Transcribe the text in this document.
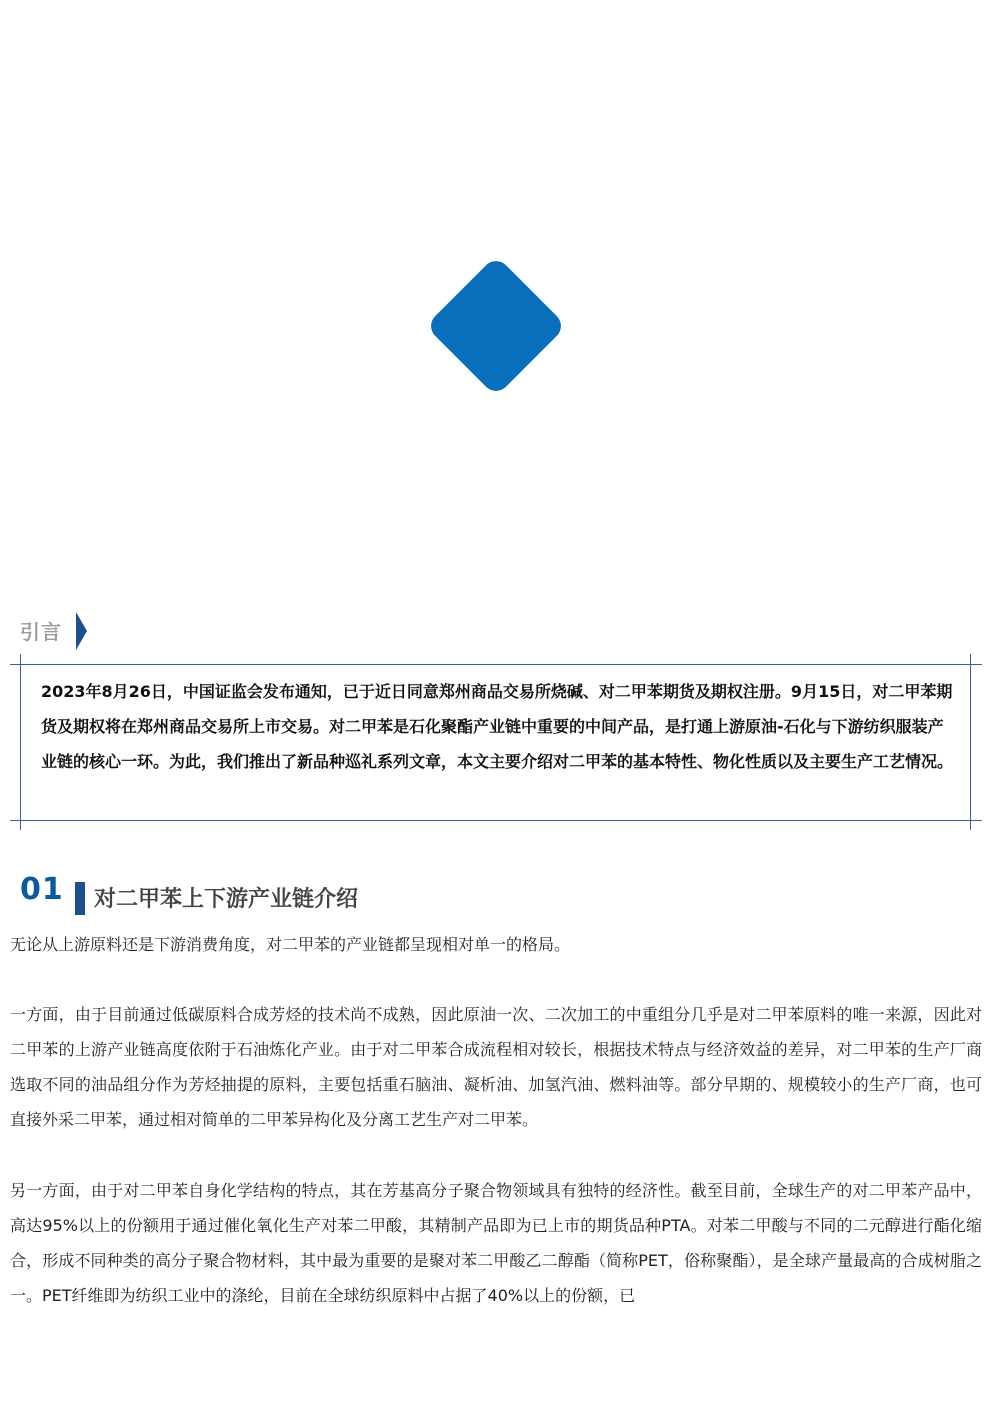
引言

2023年8月26日，中国证监会发布通知，已于近日同意郑州商品交易所烧碱、对二甲苯期货及期权注册。9月15日，对二甲苯期货及期权将在郑州商品交易所上市交易。对二甲苯是石化聚酯产业链中重要的中间产品，是打通上游原油-石化与下游纺织服装产业链的核心一环。为此，我们推出了新品种巡礼系列文章，本文主要介绍对二甲苯的基本特性、物化性质以及主要生产工艺情况。

01 对二甲苯上下游产业链介绍

无论从上游原料还是下游消费角度，对二甲苯的产业链都呈现相对单一的格局。

一方面，由于目前通过低碳原料合成芳烃的技术尚不成熟，因此原油一次、二次加工的中重组分几乎是对二甲苯原料的唯一来源，因此对二甲苯的上游产业链高度依附于石油炼化产业。由于对二甲苯合成流程相对较长，根据技术特点与经济效益的差异，对二甲苯的生产厂商选取不同的油品组分作为芳烃抽提的原料，主要包括重石脑油、凝析油、加氢汽油、燃料油等。部分早期的、规模较小的生产厂商，也可直接外采二甲苯，通过相对简单的二甲苯异构化及分离工艺生产对二甲苯。

另一方面，由于对二甲苯自身化学结构的特点，其在芳基高分子聚合物领域具有独特的经济性。截至目前，全球生产的对二甲苯产品中，高达95%以上的份额用于通过催化氧化生产对苯二甲酸，其精制产品即为已上市的期货品种PTA。对苯二甲酸与不同的二元醇进行酯化缩合，形成不同种类的高分子聚合物材料，其中最为重要的是聚对苯二甲酸乙二醇酯（简称PET，俗称聚酯），是全球产量最高的合成树脂之一。PET纤维即为纺织工业中的涤纶，目前在全球纺织原料中占据了40%以上的份额，已
